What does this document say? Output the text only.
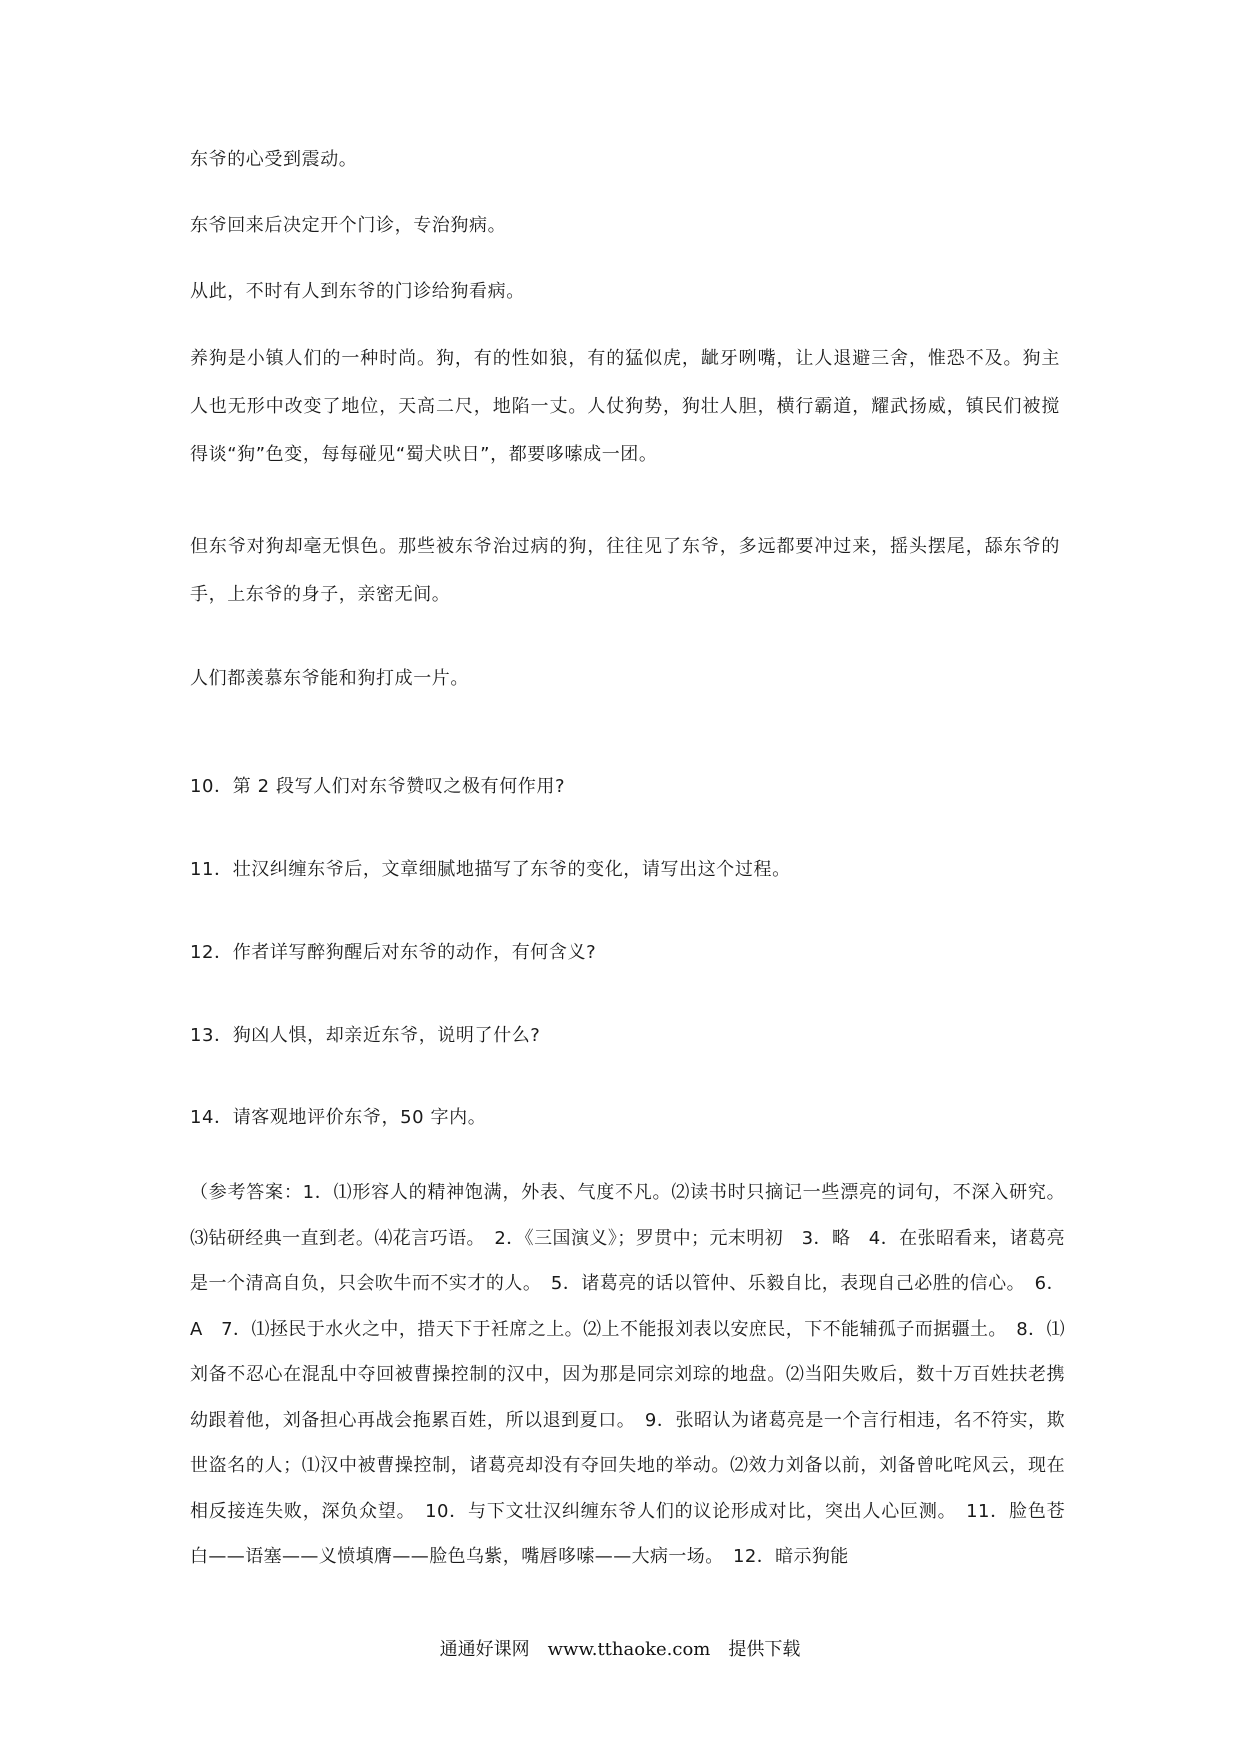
东爷的心受到震动。

东爷回来后决定开个门诊，专治狗病。

从此，不时有人到东爷的门诊给狗看病。

养狗是小镇人们的一种时尚。狗，有的性如狼，有的猛似虎，龇牙咧嘴，让人退避三舍，惟恐不及。狗主人也无形中改变了地位，天高二尺，地陷一丈。人仗狗势，狗壮人胆，横行霸道，耀武扬威，镇民们被搅得谈“狗”色变，每每碰见“蜀犬吠日”，都要哆嗦成一团。

但东爷对狗却毫无惧色。那些被东爷治过病的狗，往往见了东爷，多远都要冲过来，摇头摆尾，舔东爷的手，上东爷的身子，亲密无间。

人们都羡慕东爷能和狗打成一片。

10．第 2 段写人们对东爷赞叹之极有何作用?

11．壮汉纠缠东爷后，文章细腻地描写了东爷的变化，请写出这个过程。

12．作者详写醉狗醒后对东爷的动作，有何含义?

13．狗凶人惧，却亲近东爷，说明了什么?

14．请客观地评价东爷，50 字内。

（参考答案：1．⑴形容人的精神饱满，外表、气度不凡。⑵读书时只摘记一些漂亮的词句，不深入研究。⑶钻研经典一直到老。⑷花言巧语。　2．《三国演义》；罗贯中；元末明初　3．略　4．在张昭看来，诸葛亮是一个清高自负，只会吹牛而不实才的人。　5．诸葛亮的话以管仲、乐毅自比，表现自己必胜的信心。　6．A　7．⑴拯民于水火之中，措天下于衽席之上。⑵上不能报刘表以安庶民，下不能辅孤子而据疆土。　8．⑴刘备不忍心在混乱中夺回被曹操控制的汉中，因为那是同宗刘琮的地盘。⑵当阳失败后，数十万百姓扶老携幼跟着他，刘备担心再战会拖累百姓，所以退到夏口。　9．张昭认为诸葛亮是一个言行相违，名不符实，欺世盗名的人；⑴汉中被曹操控制，诸葛亮却没有夺回失地的举动。⑵效力刘备以前，刘备曾叱咤风云，现在相反接连失败，深负众望。　10．与下文壮汉纠缠东爷人们的议论形成对比，突出人心叵测。　11．脸色苍白——语塞——义愤填膺——脸色乌紫，嘴唇哆嗦——大病一场。　12．暗示狗能

通通好课网　www.tthaoke.com　提供下载
